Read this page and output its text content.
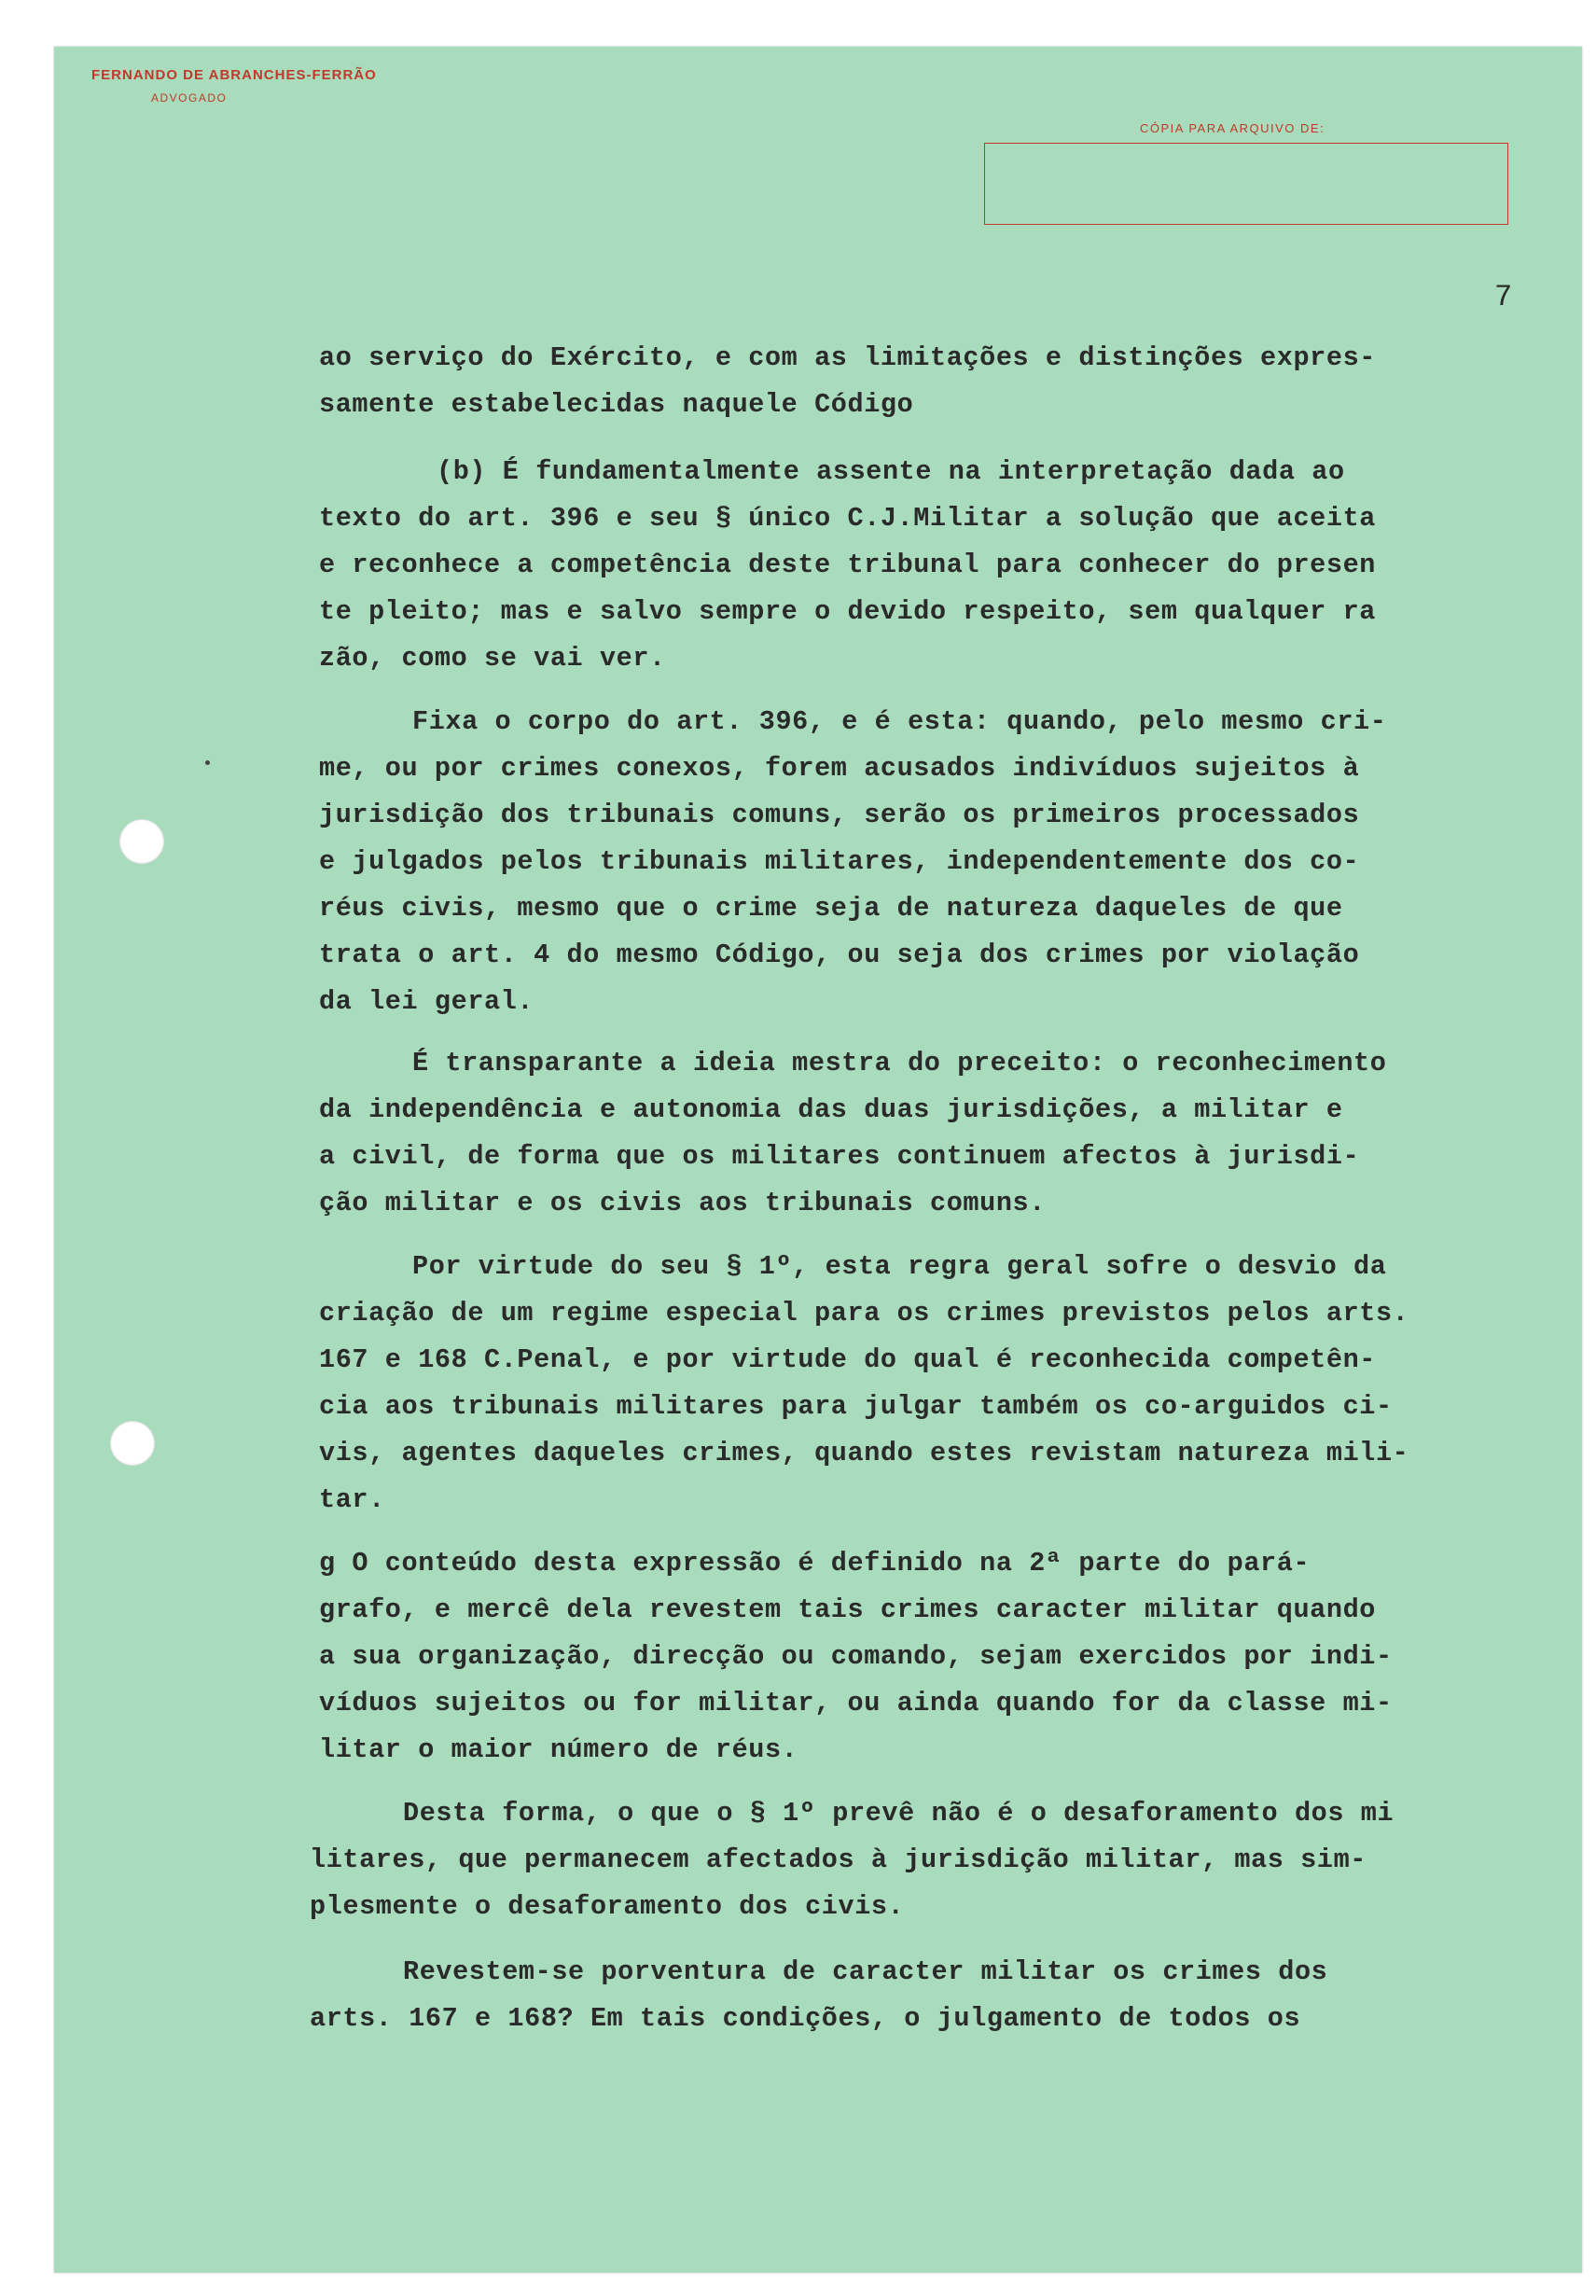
FERNANDO DE ABRANCHES-FERRÃO
ADVOGADO
CÓPIA PARA ARQUIVO DE:
7
ao serviço do Exército, e com as limitações e distinções expres-
samente estabelecidas naquele Código
(b) É fundamentalmente assente na interpretação dada ao
texto do art. 396 e seu § único C.J.Militar a solução que aceita
e reconhece a competência deste tribunal para conhecer do presen
te pleito; mas e salvo sempre o devido respeito, sem qualquer ra
zão, como se vai ver.
Fixa o corpo do art. 396, e é esta: quando, pelo mesmo cri-
me, ou por crimes conexos, forem acusados indivíduos sujeitos à
jurisdição dos tribunais comuns, serão os primeiros processados
e julgados pelos tribunais militares, independentemente dos co-
réus civis, mesmo que o crime seja de natureza daqueles de que
trata o art. 4 do mesmo Código, ou seja dos crimes por violação
da lei geral.
É transparante a ideia mestra do preceito: o reconhecimento
da independência e autonomia das duas jurisdições, a militar e
a civil, de forma que os militares continuem afectos à jurisdi-
ção militar e os civis aos tribunais comuns.
Por virtude do seu § 1º, esta regra geral sofre o desvio da
criação de um regime especial para os crimes previstos pelos arts.
167 e 168 C.Penal, e por virtude do qual é reconhecida competên-
cia aos tribunais militares para julgar também os co-arguidos ci-
vis, agentes daqueles crimes, quando estes revistam natureza mili-
tar.
g O conteúdo desta expressão é definido na 2ª parte do pará-
grafo, e mercê dela revestem tais crimes caracter militar quando
a sua organização, direcção ou comando, sejam exercidos por indi-
víduos sujeitos ou for militar, ou ainda quando for da classe mi-
litar o maior número de réus.
Desta forma, o que o § 1º prevê não é o desaforamento dos mi
litares, que permanecem afectados à jurisdição militar, mas sim-
plesmente o desaforamento dos civis.
Revestem-se porventura de caracter militar os crimes dos
arts. 167 e 168? Em tais condições, o julgamento de todos os
